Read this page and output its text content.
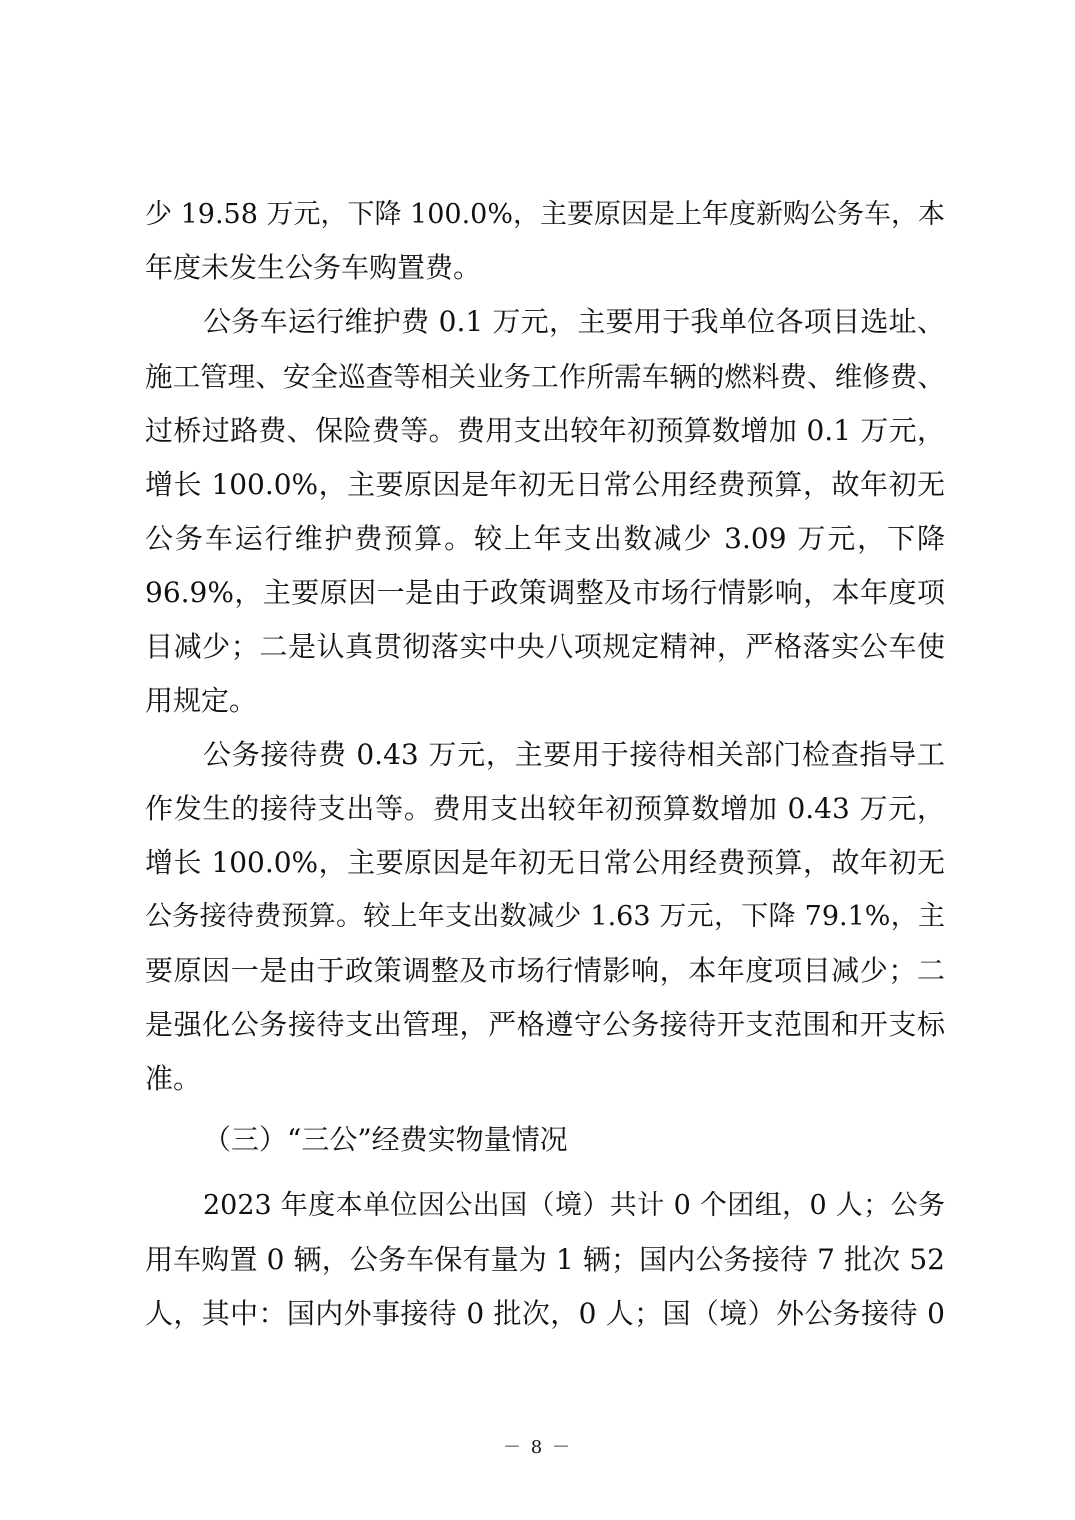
少 19.58 万元，下降 100.0%，主要原因是上年度新购公务车，本
年度未发生公务车购置费。
公务车运行维护费 0.1 万元，主要用于我单位各项目选址、
施工管理、安全巡查等相关业务工作所需车辆的燃料费、维修费、
过桥过路费、保险费等。费用支出较年初预算数增加 0.1 万元，
增长 100.0%，主要原因是年初无日常公用经费预算，故年初无
公务车运行维护费预算。较上年支出数减少 3.09 万元，下降
96.9%，主要原因一是由于政策调整及市场行情影响，本年度项
目减少；二是认真贯彻落实中央八项规定精神，严格落实公车使
用规定。
公务接待费 0.43 万元，主要用于接待相关部门检查指导工
作发生的接待支出等。费用支出较年初预算数增加 0.43 万元，
增长 100.0%，主要原因是年初无日常公用经费预算，故年初无
公务接待费预算。较上年支出数减少 1.63 万元，下降 79.1%，主
要原因一是由于政策调整及市场行情影响，本年度项目减少；二
是强化公务接待支出管理，严格遵守公务接待开支范围和开支标
准。
（三）“三公”经费实物量情况
2023 年度本单位因公出国（境）共计 0 个团组，0 人；公务
用车购置 0 辆，公务车保有量为 1 辆；国内公务接待 7 批次 52
人，其中：国内外事接待 0 批次，0 人；国（境）外公务接待 0
－ 8 －
